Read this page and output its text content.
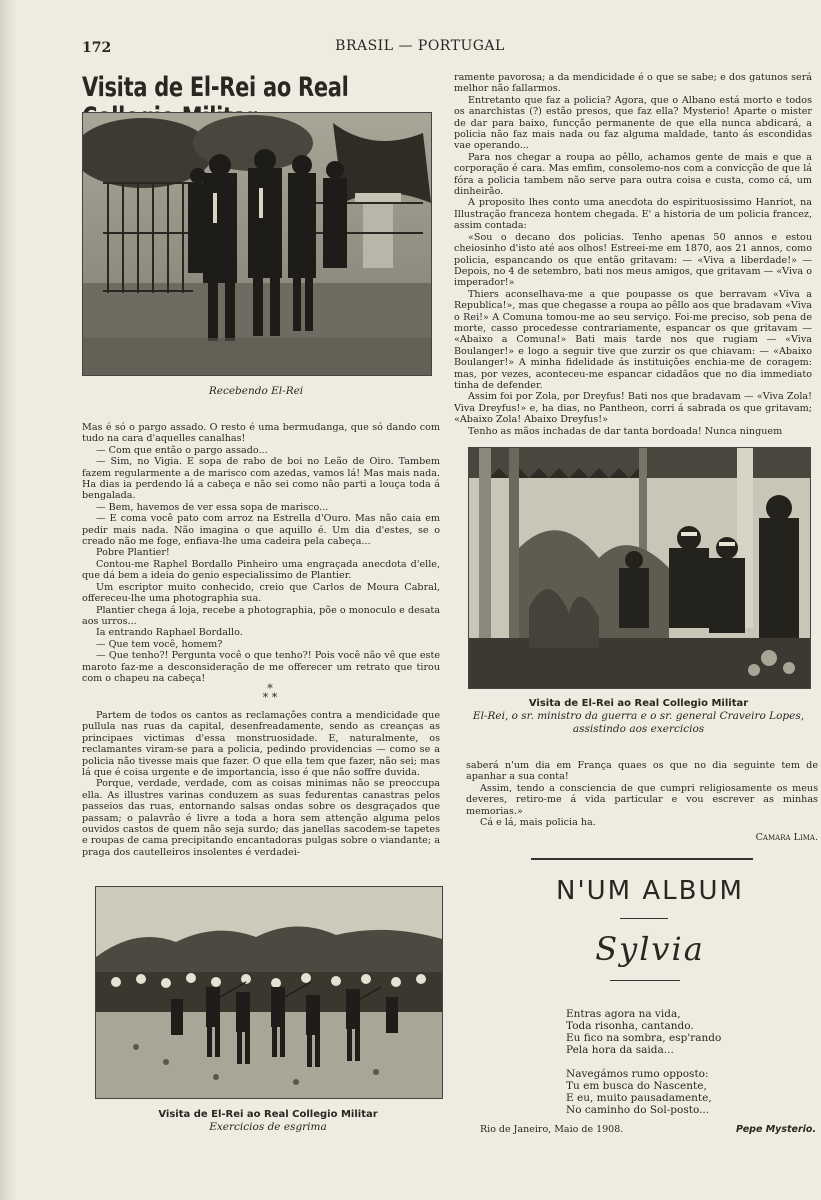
172	BRASIL — PORTUGAL
Visita de El-Rei ao Real
Recebendo El-Rei

Mas é só o pargo assado. O resto é uma bermudanga, que só dando com tudo na cara d'aquelles canalhas!

— Com que então o pargo assado...

— Sim, no Vigia. E sopa de rabo de boi no Leão de Oiro. Tambem fazem regularmente a de marisco com azedas, vamos lá! Mas mais nada. Ha dias ia perdendo lá a cabeça e não sei como não parti a louça toda á bengalada.

— Bem, havemos de ver essa sopa de marisco...

— E coma você pato com arroz na Estrella d'Ouro. Mas não caia em pedir mais nada. Não imagina o que aquillo é. Um dia d'estes, se o creado não me foge, enfiava-lhe uma cadeira pela cabeça...

Pobre Plantier!

Contou-me Raphel Bordallo Pinheiro uma engraçada anecdota d'elle, que dá bem a ideia do genio especialissimo de Plantier.

Um escriptor muito conhecido, creio que Carlos de Moura Cabral, offereceu-lhe uma photographia sua.

Plantier chega á loja, recebe a photographia, põe o monoculo e desata aos urros...

Ia entrando Raphael Bordallo.

— Que tem você, homem?

— Que tenho?! Pergunta você o que tenho?! Pois você não vê que este maroto faz-me a desconsideração de me offerecer um retrato que tirou com o chapeu na cabeça!

*
* *

Partem de todos os cantos as reclamações contra a mendicidade que pullula nas ruas da capital, desenfreadamente, sendo as creanças as principaes victimas d'essa monstruosidade. E, naturalmente, os reclamantes viram-se para a policia, pedindo providencias — como se a policia não tivesse mais que fazer. O que ella tem que fazer, não sei; mas lá que é coisa urgente e de importancia, isso é que não soffre duvida.

Porque, verdade, verdade, com as coisas minimas não se preoccupa ella. As illustres varinas conduzem as suas fedurentas canastras pelos passeios das ruas, entornando salsas ondas sobre os desgraçados que passam; o palavrão é livre a toda a hora sem attenção alguma pelos ouvidos castos de quem não seja surdo; das janellas sacodem-se tapetes e roupas de cama precipitando encantadoras pulgas sobre o viandante; a praga dos cautelleiros insolentes é verdadei-

Visita de El-Rei ao Real Collegio Militar
Exercicios de esgrima

ramente pavorosa; a da mendicidade é o que se sabe; e dos gatunos será melhor não fallarmos.

Entretanto que faz a policia? Agora, que o Albano está morto e todos os anarchistas (?) estão presos, que faz ella? Mysterio! Aparte o mister de dar para baixo, funcção permanente de que ella nunca abdicará, a policia não faz mais nada ou faz alguma maldade, tanto ás escondidas vae operando...

Para nos chegar a roupa ao pêllo, achamos gente de mais e que a corporação é cara. Mas emfim, consolemo-nos com a convicção de que lá fóra a policia tambem não serve para outra coisa e custa, como cá, um dinheirão.

A proposito lhes conto uma anecdota do espirituosissimo Hanriot, na Illustração franceza hontem chegada. E' a historia de um policia francez, assim contada:

«Sou o decano dos policias. Tenho apenas 50 annos e estou cheiosinho d'isto até aos olhos! Estreei-me em 1870, aos 21 annos, como policia, espancando os que então gritavam: — «Viva a liberdade!» — Depois, no 4 de setembro, bati nos meus amigos, que gritavam — «Viva o imperador!»

Thiers aconselhava-me a que poupasse os que berravam «Viva a Republica!», mas que chegasse a roupa ao pêllo aos que bradavam «Viva o Rei!» A Comuna tomou-me ao seu serviço. Foi-me preciso, sob pena de morte, casso procedesse contrariamente, espancar os que gritavam — «Abaixo a Comuna!» Bati mais tarde nos que rugiam — «Viva Boulanger!» e logo a seguir tive que zurzir os que chiavam: — «Abaixo Boulanger!» A minha fidelidade ás instituições enchia-me de coragem: mas, por vezes, aconteceu-me espancar cidadãos que no dia immediato tinha de defender.

Assim foi por Zola, por Dreyfus! Bati nos que bradavam — «Viva Zola! Viva Dreyfus!» e, ha dias, no Pantheon, corri á sabrada os que gritavam; «Abaixo Zola! Abaixo Dreyfus!»

Tenho as mãos inchadas de dar tanta bordoada! Nunca ninguem

Visita de El-Rei ao Real Collegio Militar
El-Rei, o sr. ministro da guerra e o sr. general Craveiro Lopes, assistindo aos exercicios

saberá n'um dia em França quaes os que no dia seguinte tem de apanhar a sua conta!

Assim, tendo a consciencia de que cumpri religiosamente os meus deveres, retiro-me á vida particular e vou escrever as minhas memorias.»

Cá e lá, mais policia ha.

Camara Lima.
N'UM ALBUM
Sylvia
Entras agora na vida,
Toda risonha, cantando.
Eu fico na sombra, esp'rando
Pela hora da saida...
Navegámos rumo opposto:
Tu em busca do Nascente,
E eu, muito pausadamente,
No caminho do Sol-posto...
Rio de Janeiro, Maio de 1908.	Pepe Mysterio.
